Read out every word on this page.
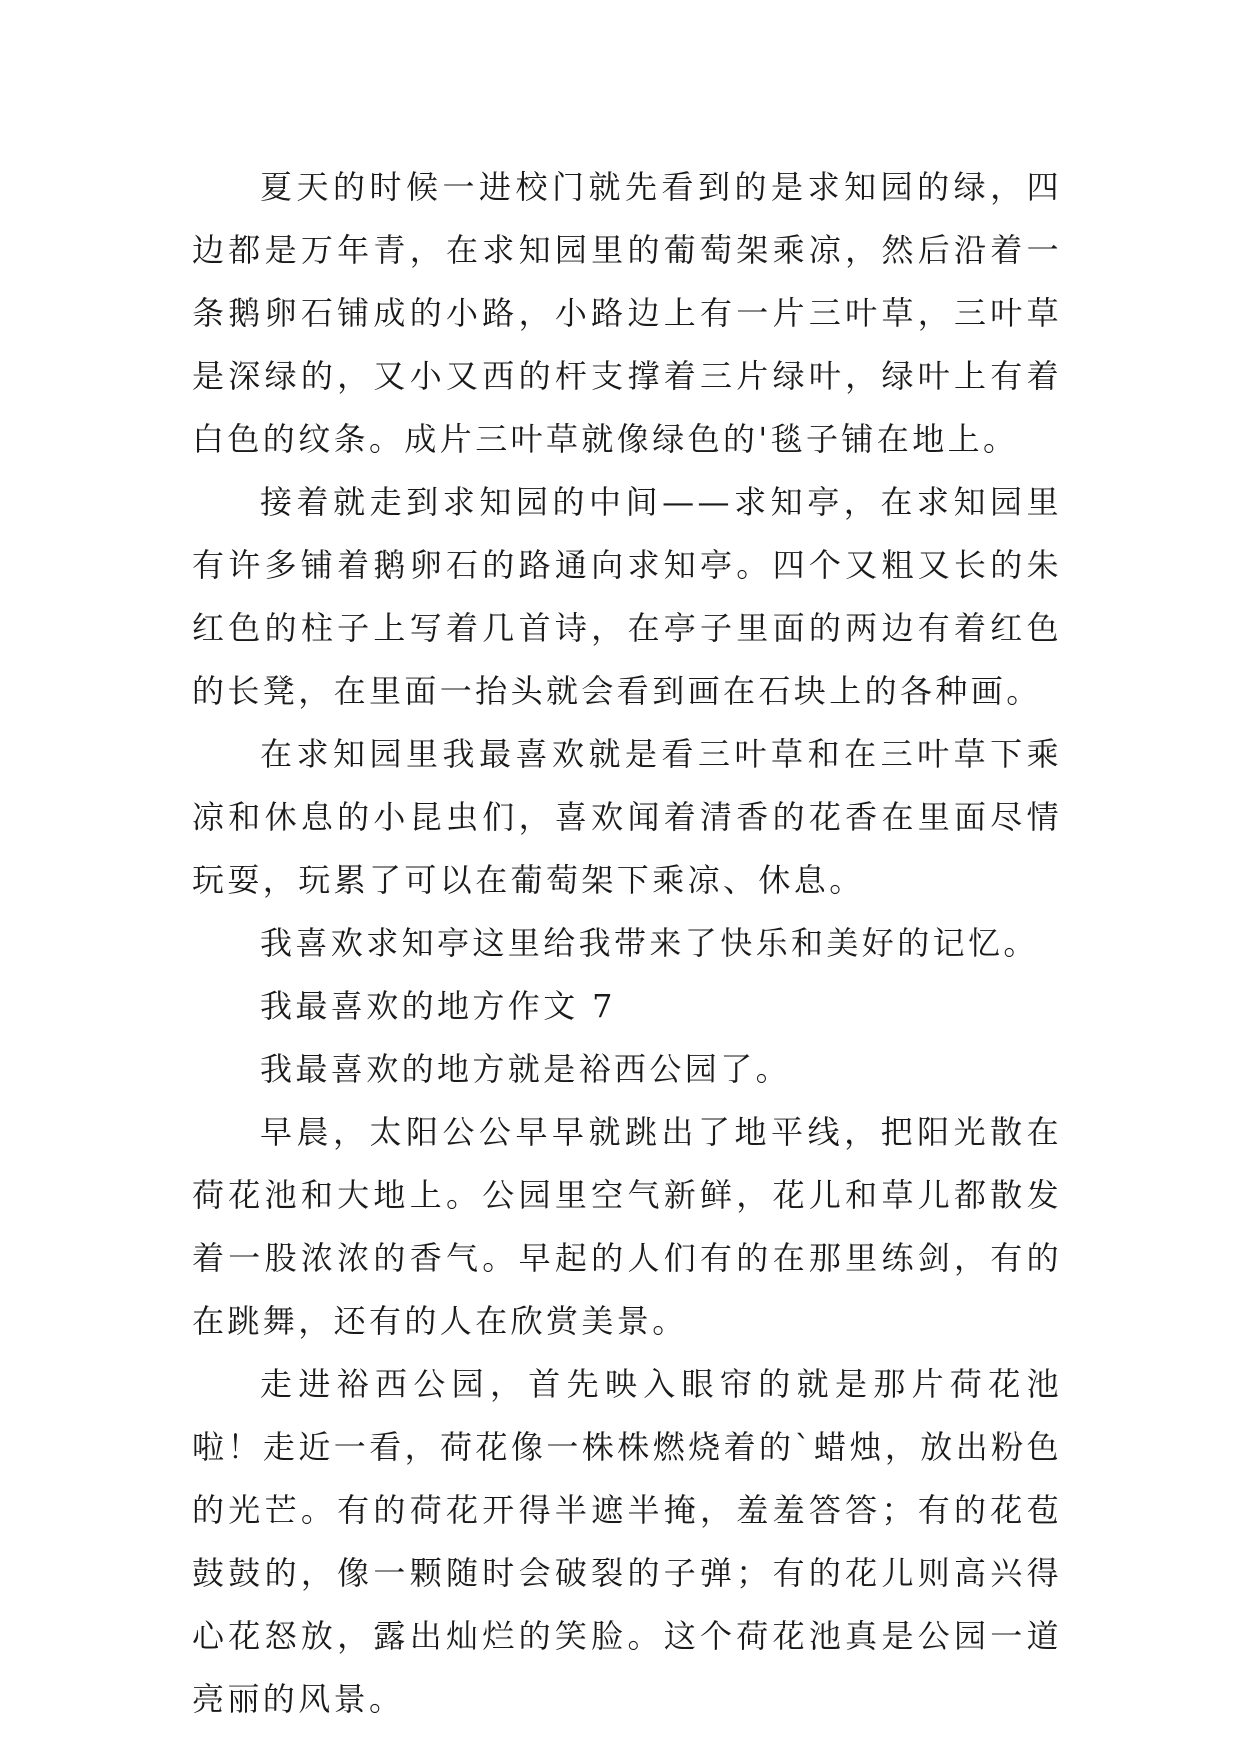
夏天的时候一进校门就先看到的是求知园的绿，四边都是万年青，在求知园里的葡萄架乘凉，然后沿着一条鹅卵石铺成的小路，小路边上有一片三叶草，三叶草是深绿的，又小又西的杆支撑着三片绿叶，绿叶上有着白色的纹条。成片三叶草就像绿色的'毯子铺在地上。

接着就走到求知园的中间——求知亭，在求知园里有许多铺着鹅卵石的路通向求知亭。四个又粗又长的朱红色的柱子上写着几首诗，在亭子里面的两边有着红色的长凳，在里面一抬头就会看到画在石块上的各种画。

在求知园里我最喜欢就是看三叶草和在三叶草下乘凉和休息的小昆虫们，喜欢闻着清香的花香在里面尽情玩耍，玩累了可以在葡萄架下乘凉、休息。

我喜欢求知亭这里给我带来了快乐和美好的记忆。

我最喜欢的地方作文 7

我最喜欢的地方就是裕西公园了。

早晨，太阳公公早早就跳出了地平线，把阳光散在荷花池和大地上。公园里空气新鲜，花儿和草儿都散发着一股浓浓的香气。早起的人们有的在那里练剑，有的在跳舞，还有的人在欣赏美景。

走进裕西公园，首先映入眼帘的就是那片荷花池啦！走近一看，荷花像一株株燃烧着的`蜡烛，放出粉色的光芒。有的荷花开得半遮半掩，羞羞答答；有的花苞鼓鼓的，像一颗随时会破裂的子弹；有的花儿则高兴得心花怒放，露出灿烂的笑脸。这个荷花池真是公园一道亮丽的风景。
